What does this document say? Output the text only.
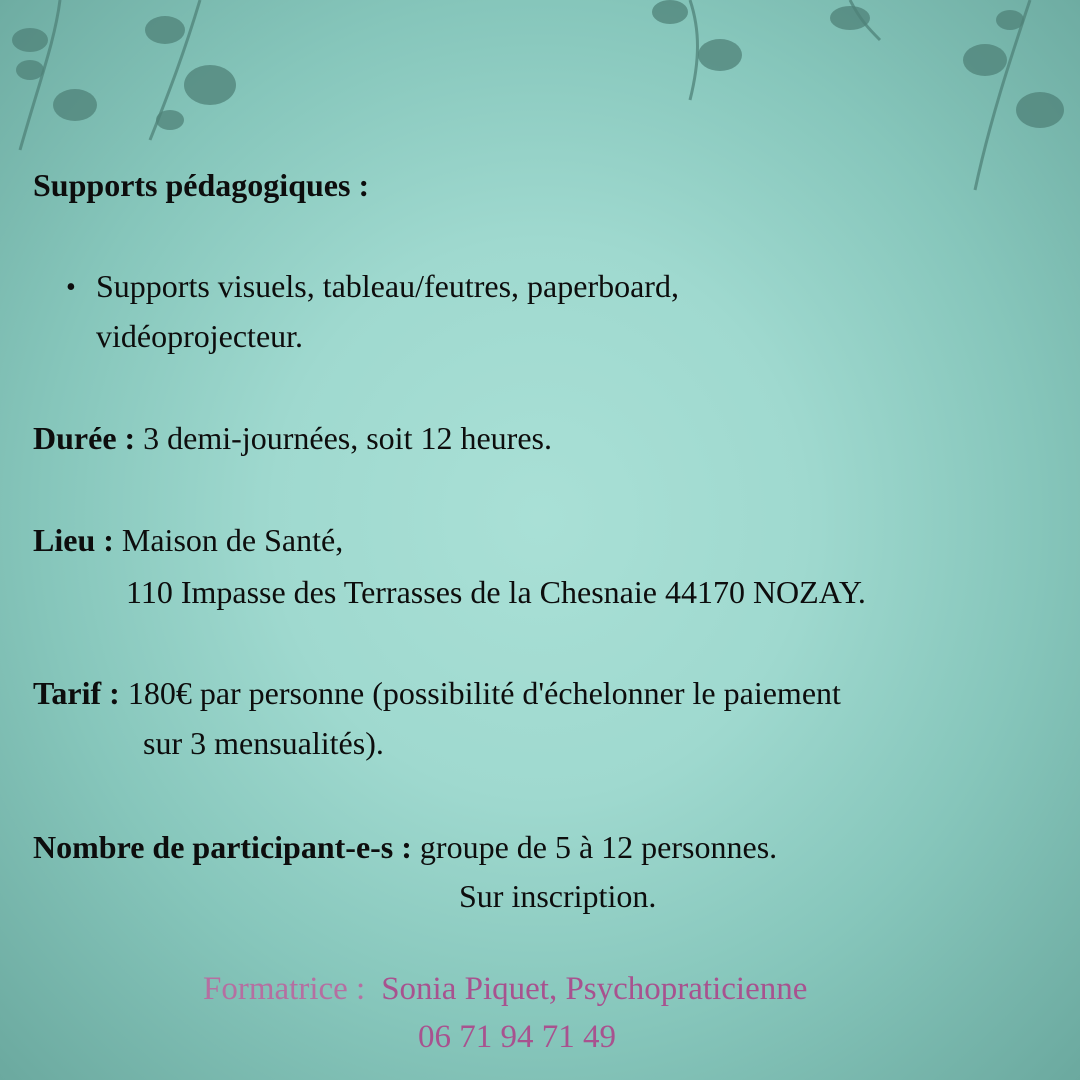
Supports pédagogiques :
• Supports visuels, tableau/feutres, paperboard,
vidéoprojecteur.
Durée : 3 demi-journées, soit 12 heures.
Lieu : Maison de Santé,
110 Impasse des Terrasses de la Chesnaie 44170 NOZAY.
Tarif : 180€ par personne (possibilité d'échelonner le paiement
sur 3 mensualités).
Nombre de participant-e-s : groupe de 5 à 12 personnes.
Sur inscription.
Formatrice : Sonia Piquet, Psychopraticienne
06 71 94 71 49
